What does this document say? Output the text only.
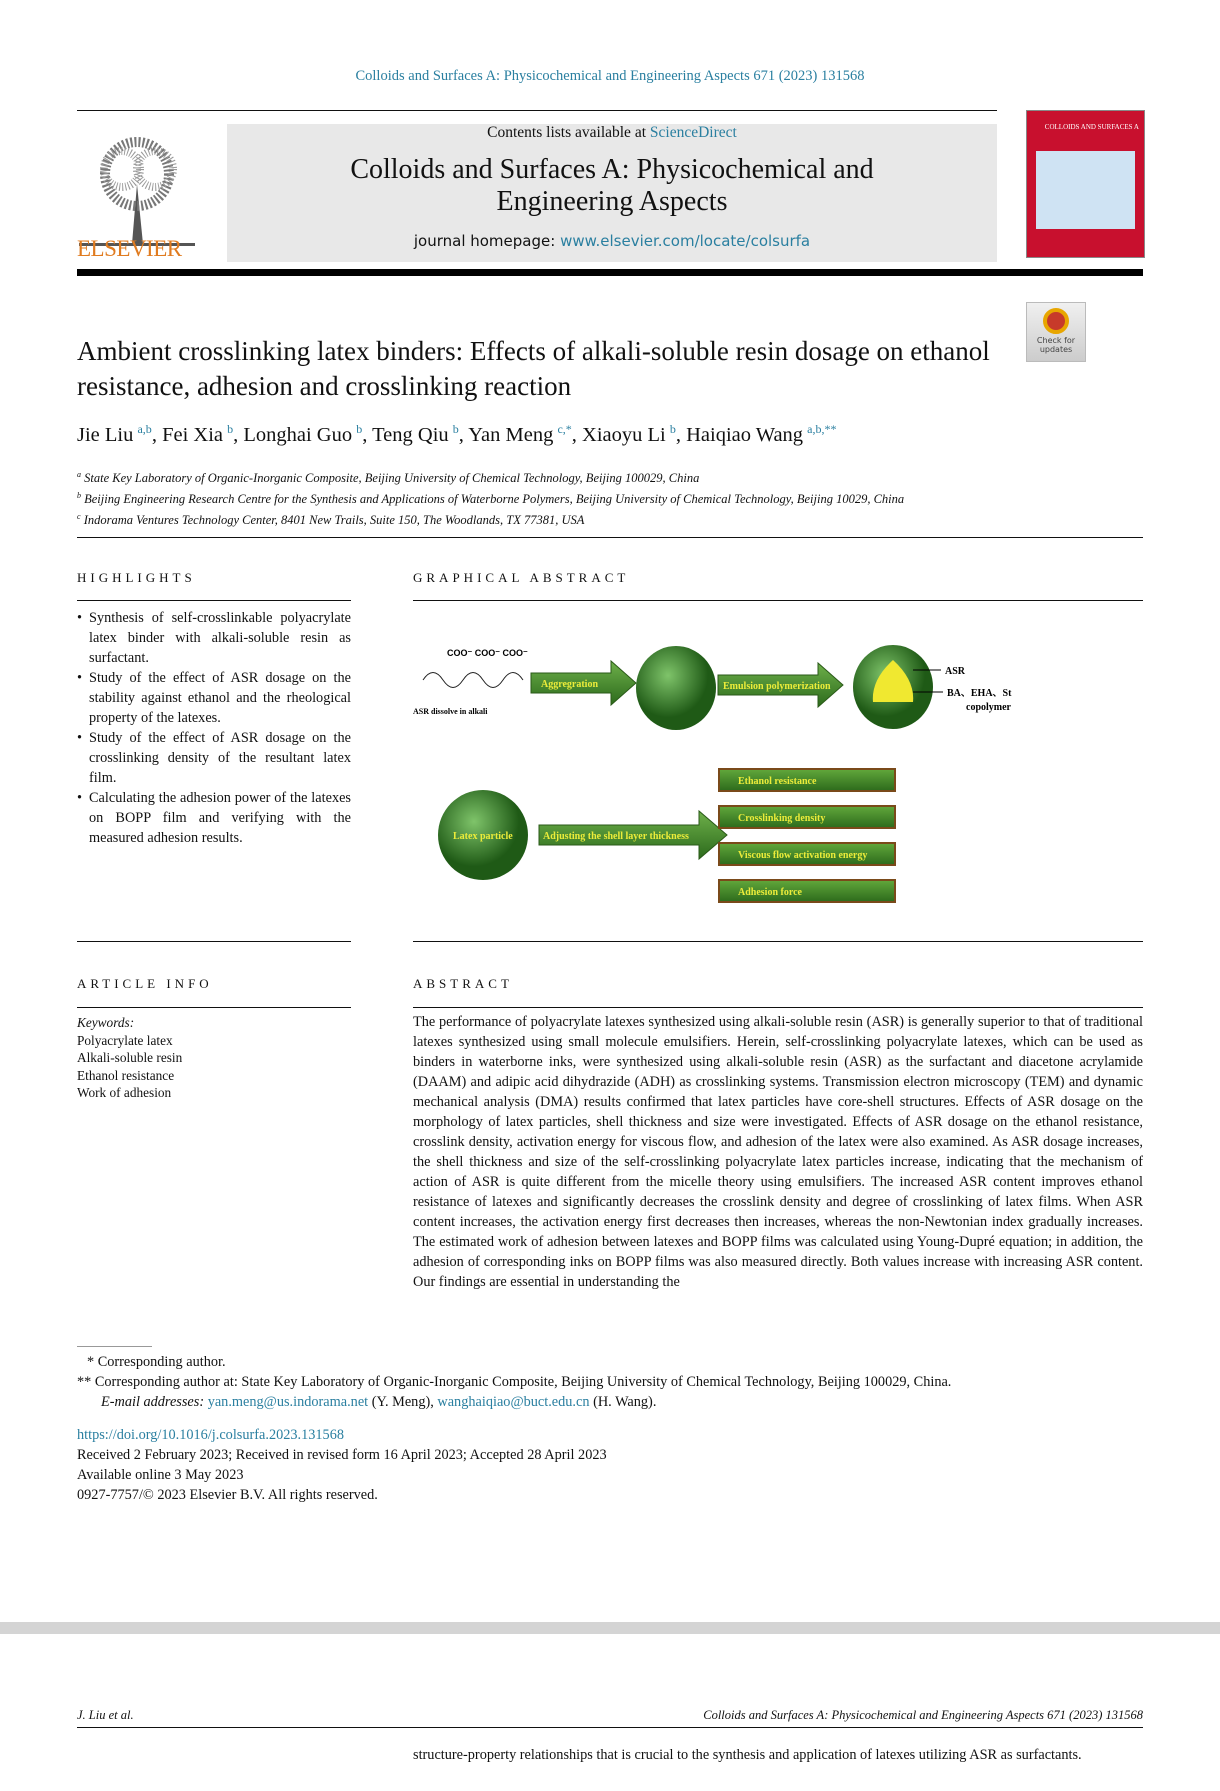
Colloids and Surfaces A: Physicochemical and Engineering Aspects 671 (2023) 131568
ELSEVIER
Contents lists available at ScienceDirect
Colloids and Surfaces A: Physicochemical and Engineering Aspects
journal homepage: www.elsevier.com/locate/colsurfa
COLLOIDS AND SURFACES A
Check for updates
Ambient crosslinking latex binders: Effects of alkali-soluble resin dosage on ethanol resistance, adhesion and crosslinking reaction
Jie Liu  $^{a,b}$, Fei Xia  $^b$, Longhai Guo  $^b$, Teng Qiu  $^b$, Yan Meng  $^{c,*}$, Xiaoyu Li  $^b$, Haiqiao Wang  $^{a,b,**}$
$^a$ State Key Laboratory of Organic-Inorganic Composite, Beijing University of Chemical Technology, Beijing 100029, China
$^b$ Beijing Engineering Research Centre for the Synthesis and Applications of Waterborne Polymers, Beijing University of Chemical Technology, Beijing 10029, China
$^c$ Indorama Ventures Technology Center, 8401 New Trails, Suite 150, The Woodlands, TX 77381, USA
HIGHLIGHTS
• Synthesis of self-crosslinkable polyacrylate latex binder with alkali-soluble resin as surfactant.
• Study of the effect of ASR dosage on the stability against ethanol and the rheological property of the latexes.
• Study of the effect of ASR dosage on the crosslinking density of the resultant latex film.
• Calculating the adhesion power of the latexes on BOPP film and verifying with the measured adhesion results.
GRAPHICAL ABSTRACT
COO⁻ COO⁻ COO⁻
ASR dissolve in alkali
Aggregration	Emulsion polymerization
ASR
BA、EHA、St
copolymer
Latex particle	Adjusting the shell layer thickness
Ethanol resistance
Crosslinking density
Viscous flow activation energy
Adhesion force
ARTICLE INFO
Keywords:
Polyacrylate latex
Alkali-soluble resin
Ethanol resistance
Work of adhesion
ABSTRACT
The performance of polyacrylate latexes synthesized using alkali-soluble resin (ASR) is generally superior to that of traditional latexes synthesized using small molecule emulsifiers. Herein, self-crosslinking polyacrylate latexes, which can be used as binders in waterborne inks, were synthesized using alkali-soluble resin (ASR) as the surfactant and diacetone acrylamide (DAAM) and adipic acid dihydrazide (ADH) as crosslinking systems. Transmission electron microscopy (TEM) and dynamic mechanical analysis (DMA) results confirmed that latex particles have core-shell structures. Effects of ASR dosage on the morphology of latex particles, shell thickness and size were investigated. Effects of ASR dosage on the ethanol resistance, crosslink density, activation energy for viscous flow, and adhesion of the latex were also examined. As ASR dosage increases, the shell thickness and size of the self-crosslinking polyacrylate latex particles increase, indicating that the mechanism of action of ASR is quite different from the micelle theory using emulsifiers. The increased ASR content improves ethanol resistance of latexes and significantly decreases the crosslink density and degree of crosslinking of latex films. When ASR content increases, the activation energy first decreases then increases, whereas the non-Newtonian index gradually increases. The estimated work of adhesion between latexes and BOPP films was calculated using Young-Dupré equation; in addition, the adhesion of corresponding inks on BOPP films was also measured directly. Both values increase with increasing ASR content. Our findings are essential in understanding the
* Corresponding author.
** Corresponding author at: State Key Laboratory of Organic-Inorganic Composite, Beijing University of Chemical Technology, Beijing 100029, China.
E-mail addresses: yan.meng@us.indorama.net (Y. Meng), wanghaiqiao@buct.edu.cn (H. Wang).
https://doi.org/10.1016/j.colsurfa.2023.131568
Received 2 February 2023; Received in revised form 16 April 2023; Accepted 28 April 2023
Available online 3 May 2023
0927-7757/© 2023 Elsevier B.V. All rights reserved.
J. Liu et al.	Colloids and Surfaces A: Physicochemical and Engineering Aspects 671 (2023) 131568
structure-property relationships that is crucial to the synthesis and application of latexes utilizing ASR as surfactants.
